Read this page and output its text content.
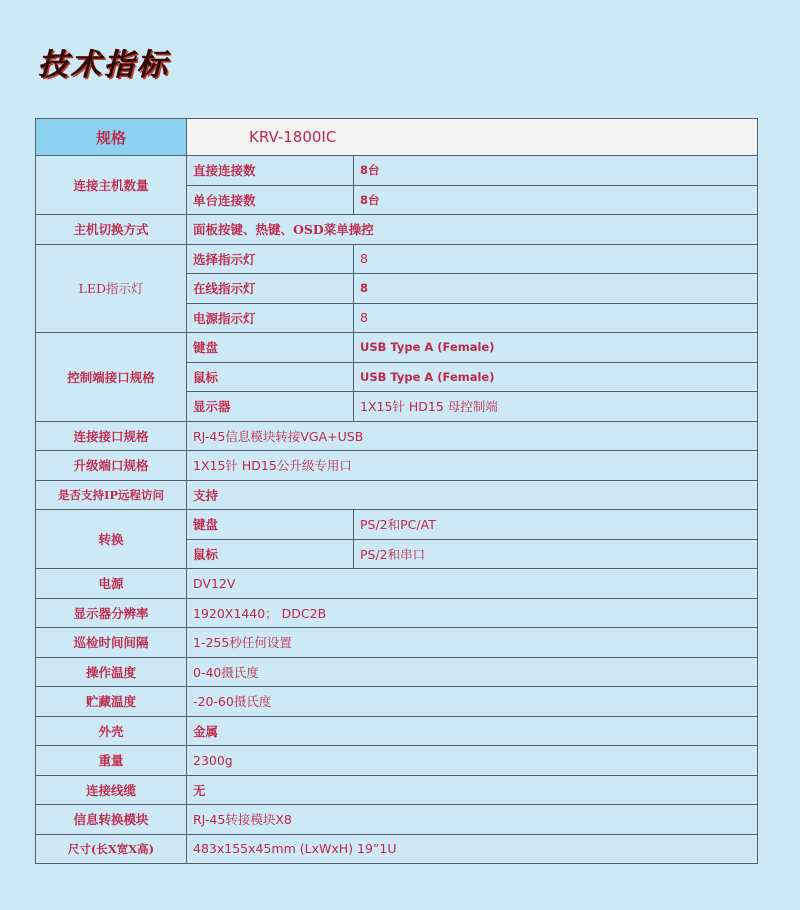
技术指标
规格	KRV-1800IC	
连接主机数量	直接连接数	8台
	单台连接数	8台
主机切换方式	面板按键、热键、OSD菜单操控	
LED指示灯	选择指示灯	8
	在线指示灯	8
	电源指示灯	8
控制端接口规格	键盘	USB Type A (Female)
	鼠标	USB Type A (Female)
	显示器	1X15针 HD15 母控制端
连接接口规格	RJ-45信息模块转接VGA+USB	
升级端口规格	1X15针 HD15公升级专用口	
是否支持IP远程访问	支持	
转换	键盘	PS/2和PC/AT
	鼠标	PS/2和串口
电源	DV12V	
显示器分辨率	1920X1440； DDC2B	
巡检时间间隔	1-255秒任何设置	
操作温度	0-40摄氏度	
贮藏温度	-20-60摄氏度	
外壳	金属	
重量	2300g	
连接线缆	无	
信息转换模块	RJ-45转接模块X8	
尺寸(长X宽X高)	483x155x45mm (LxWxH) 19”1U	
